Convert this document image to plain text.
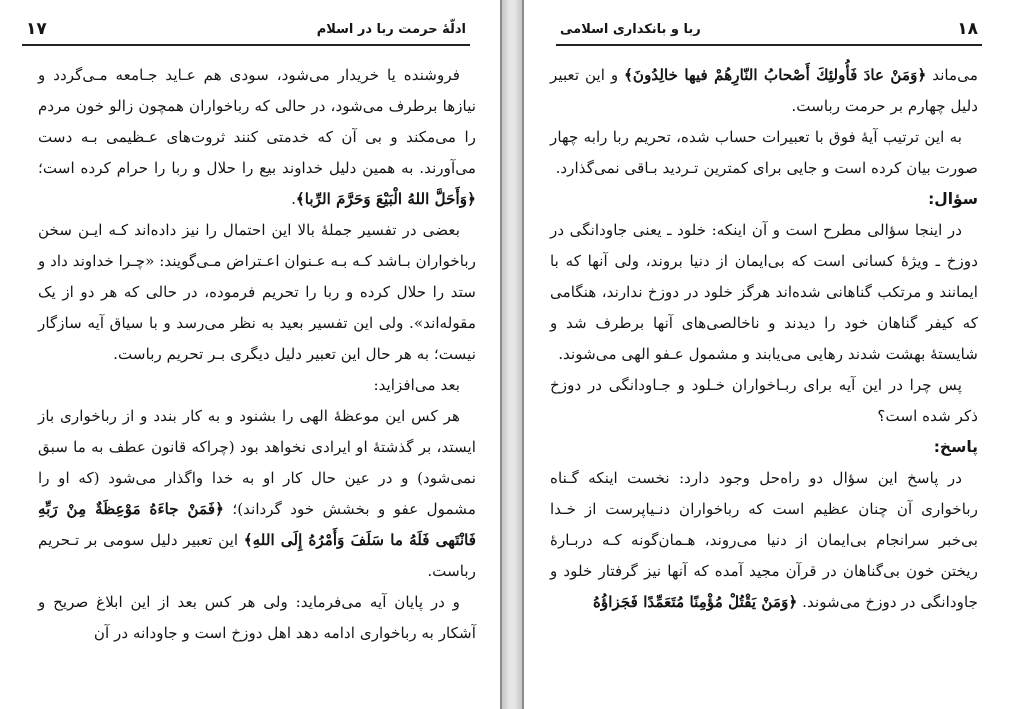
ادلّهٔ حرمت ربا در اسلام
۱۷

فروشنده یا خریدار می‌شود، سودی هم عـاید جـامعه مـی‌گردد و نیازها برطرف می‌شود، در حالی که رباخواران همچون زالو خون مردم را می‌مکند و بی آن که خدمتی کنند ثروت‌های عـظیمی بـه دست می‌آورند. به همین دلیل خداوند بیع را حلال و ربا را حرام کرده است؛ ﴿وَأَحَلَّ اللهُ الْبَيْعَ وَحَرَّمَ الرِّبا﴾.

بعضی در تفسیر جملهٔ بالا این احتمال را نیز داده‌اند کـه ایـن سخن رباخواران بـاشد کـه بـه عـنوان اعـتراض مـی‌گویند: «چـرا خداوند داد و ستد را حلال کرده و ربا را تحریم فرموده، در حالی که هر دو از یک مقوله‌اند». ولی این تفسیر بعید به نظر می‌رسد و با سیاق آیه سازگار نیست؛ به هر حال این تعبیر دلیل دیگری بـر تحریم رباست.

بعد می‌افزاید:

هر کس این موعظهٔ الهی را بشنود و به کار بندد و از رباخواری باز ایستد، بر گذشتهٔ او ایرادی نخواهد بود (چراکه قانون عطف به ما سبق نمی‌شود) و در عین حال کار او به خدا واگذار می‌شود (که او را مشمول عفو و بخشش خود گرداند)؛ ﴿فَمَنْ جاءَهُ مَوْعِظَةٌ مِنْ رَبِّهِ فَانْتَهى فَلَهُ ما سَلَفَ وَأَمْرُهُ إِلَى اللهِ﴾ این تعبیر دلیل سومی بر تـحریم رباست.

و در پایان آیه می‌فرماید: ولی هر کس بعد از این ابلاغ صریح و آشکار به رباخواری ادامه دهد اهل دوزخ است و جاودانه در آن

ربا و بانکداری اسلامی	۱۸

می‌ماند ﴿وَمَنْ عادَ فَأُولئِكَ أَصْحابُ النّارِهُمْ فيها خالِدُونَ﴾ و این تعبیر دلیل چهارم بر حرمت رباست.

به این ترتیب آیهٔ فوق با تعبیرات حساب شده، تحریم ربا رابه چهار صورت بیان کرده است و جایی برای کمترین تـردید بـاقی نمی‌گذارد.

سؤال:

در اینجا سؤالی مطرح است و آن اینکه: خلود ـ یعنی جاودانگی در دوزخ ـ ویژهٔ کسانی است که بی‌ایمان از دنیا بروند، ولی آنها که با ایمانند و مرتکب گناهانی شده‌اند هرگز خلود در دوزخ ندارند، هنگامی که کیفر گناهان خود را دیدند و ناخالصی‌های آنها برطرف شد و شایستهٔ بهشت شدند رهایی می‌یابند و مشمول عـفو الهی می‌شوند.

پس چرا در این آیه برای ربـاخواران خـلود و جـاودانگی در دوزخ ذکر شده است؟

پاسخ:

در پاسخ این سؤال دو راه‌حل وجود دارد: نخست اینکه گـناه رباخواری آن چنان عظیم است که رباخواران دنـیاپرست از خـدا بی‌خبر سرانجام بی‌ایمان از دنیا می‌روند، هـمان‌گونه کـه دربـارهٔ ریختن خون بی‌گناهان در قرآن مجید آمده که آنها نیز گرفتار خلود و جاودانگی در دوزخ می‌شوند. ﴿وَمَنْ يَقْتُلْ مُؤْمِنًا مُتَعَمِّدًا فَجَزاؤُهُ
